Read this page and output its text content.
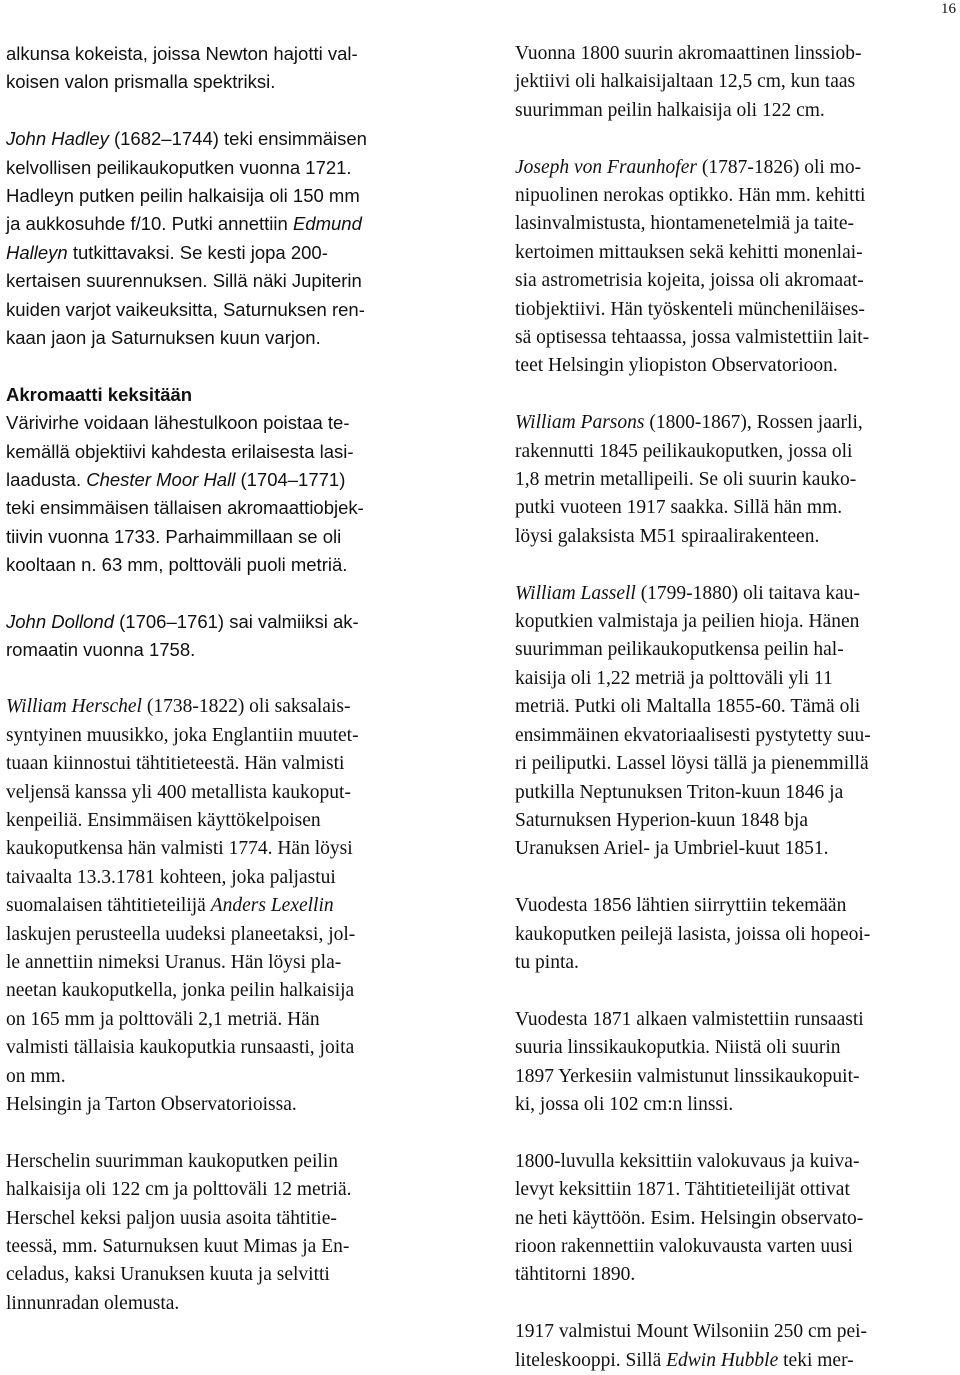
16
alkunsa kokeista, joissa Newton hajotti val-
koisen valon prismalla spektriksi.
John Hadley (1682–1744) teki ensimmäisen
kelvollisen peilikaukoputken vuonna 1721.
Hadleyn putken peilin halkaisija oli 150 mm
ja aukkosuhde f/10. Putki annettiin Edmund
Halleyn tutkittavaksi. Se kesti jopa 200-
kertaisen suurennuksen. Sillä näki Jupiterin
kuiden varjot vaikeuksitta, Saturnuksen ren-
kaan jaon ja Saturnuksen kuun varjon.
Akromaatti keksitään
Värivirhe voidaan lähestulkoon poistaa te-
kemällä objektiivi kahdesta erilaisesta lasi-
laadusta. Chester Moor Hall (1704–1771)
teki ensimmäisen tällaisen akromaattiobjek-
tiivin vuonna 1733. Parhaimmillaan se oli
kooltaan n. 63 mm, polttoväli puoli metriä.
John Dollond (1706–1761) sai valmiiksi ak-
romaatin vuonna 1758.
William Herschel (1738-1822) oli saksalais-
syntyinen muusikko, joka Englantiin muutet-
tuaan kiinnostui tähtitieteestä. Hän valmisti
veljensä kanssa yli 400 metallista kaukoput-
kenpeiliä. Ensimmäisen käyttökelpoisen
kaukoputkensa hän valmisti 1774. Hän löysi
taivaalta 13.3.1781 kohteen, joka paljastui
suomalaisen tähtitieteilijä Anders Lexellin
laskujen perusteella uudeksi planeetaksi, jol-
le annettiin nimeksi Uranus. Hän löysi pla-
neetan kaukoputkella, jonka peilin halkaisija
on 165 mm ja polttoväli 2,1 metriä. Hän
valmisti tällaisia kaukoputkia runsaasti, joita
on mm.
Helsingin ja Tarton Observatorioissa.
Herschelin suurimman kaukoputken peilin
halkaisija oli 122 cm ja polttoväli 12 metriä.
Herschel keksi paljon uusia asoita tähtitie-
teessä, mm. Saturnuksen kuut Mimas ja En-
celadus, kaksi Uranuksen kuuta ja selvitti
linnunradan olemusta.
Vuonna 1800 suurin akromaattinen linssiob-
jektiivi oli halkaisijaltaan 12,5 cm, kun taas
suurimman peilin halkaisija oli 122 cm.
Joseph von Fraunhofer (1787-1826) oli mo-
nipuolinen nerokas optikko. Hän mm. kehitti
lasinvalmistusta, hiontamenetelmiä ja taite-
kertoimen mittauksen sekä kehitti monenlai-
sia astrometrisia kojeita, joissa oli akromaat-
tiobjektiivi. Hän työskenteli müncheniläises-
sä optisessa tehtaassa, jossa valmistettiin lait-
teet Helsingin yliopiston Observatorioon.
William Parsons (1800-1867), Rossen jaarli,
rakennutti 1845 peilikaukoputken, jossa oli
1,8 metrin metallipeili. Se oli suurin kauko-
putki vuoteen 1917 saakka. Sillä hän mm.
löysi galaksista M51 spiraalirakenteen.
William Lassell (1799-1880) oli taitava kau-
koputkien valmistaja ja peilien hioja. Hänen
suurimman peilikaukoputkensa peilin hal-
kaisija oli 1,22 metriä ja polttoväli yli 11
metriä. Putki oli Maltalla 1855-60. Tämä oli
ensimmäinen ekvatoriaalisesti pystytetty suu-
ri peiliputki. Lassel löysi tällä ja pienemmillä
putkilla Neptunuksen Triton-kuun 1846 ja
Saturnuksen Hyperion-kuun 1848 bja
Uranuksen Ariel- ja Umbriel-kuut 1851.
Vuodesta 1856 lähtien siirryttiin tekemään
kaukoputken peilejä lasista, joissa oli hopeoi-
tu pinta.
Vuodesta 1871 alkaen valmistettiin runsaasti
suuria linssikaukoputkia. Niistä oli suurin
1897 Yerkesiin valmistunut linssikaukopuit-
ki, jossa oli 102 cm:n linssi.
1800-luvulla keksittiin valokuvaus ja kuiva-
levyt keksittiin 1871. Tähtitieteilijät ottivat
ne heti käyttöön. Esim. Helsingin observato-
rioon rakennettiin valokuvausta varten uusi
tähtitorni 1890.
1917 valmistui Mount Wilsoniin 250 cm pei-
liteleskooppi. Sillä Edwin Hubble teki mer-
